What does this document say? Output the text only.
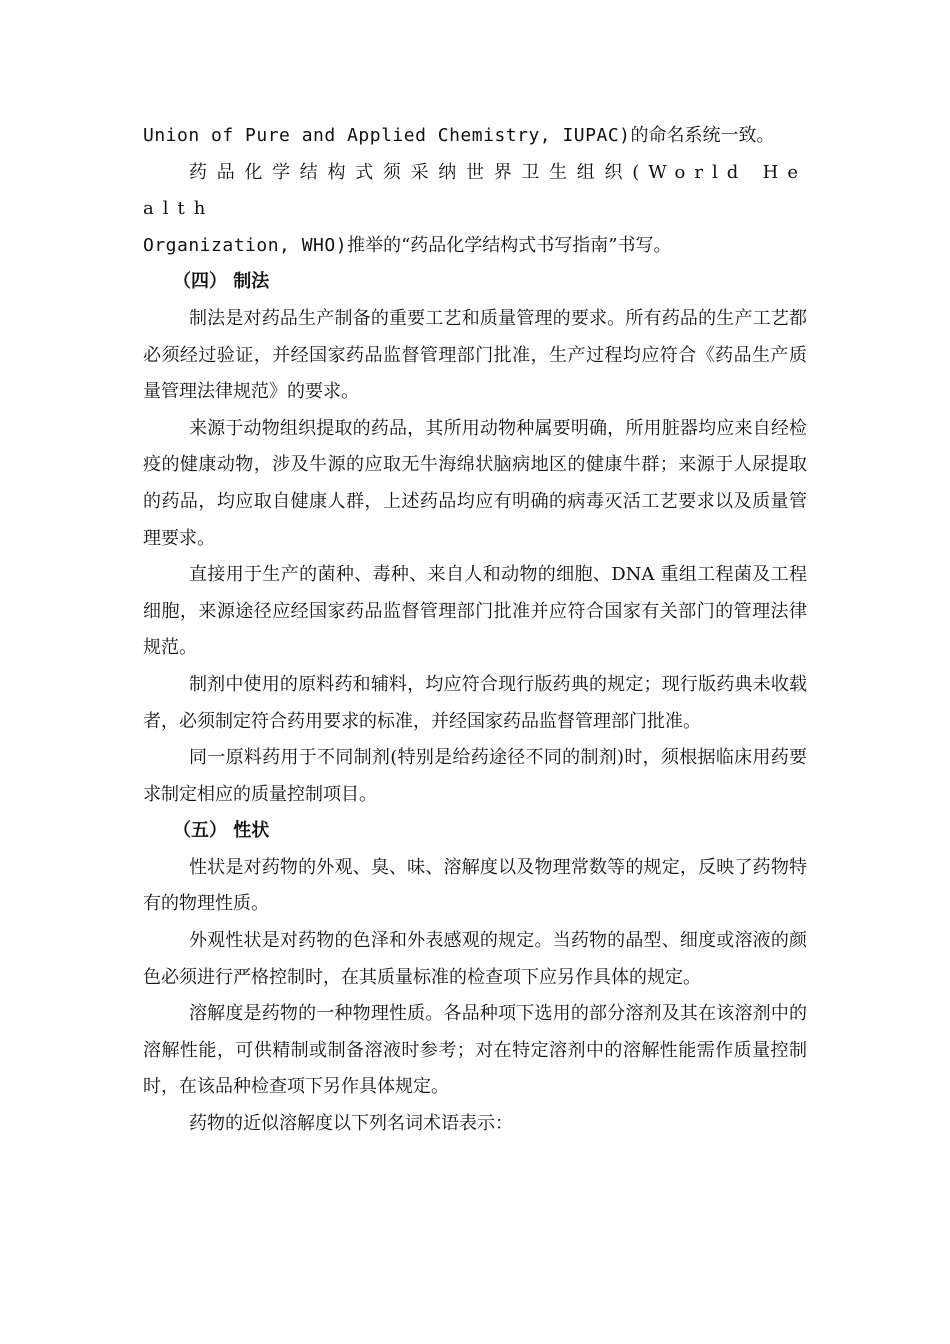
Union of Pure and Applied Chemistry, IUPAC)的命名系统一致。

药品化学结构式须采纳世界卫生组织(World Health
Organization, WHO)推举的“药品化学结构式书写指南”书写。

（四） 制法

制法是对药品生产制备的重要工艺和质量管理的要求。所有药品的生产工艺都必须经过验证，并经国家药品监督管理部门批准，生产过程均应符合《药品生产质量管理法律规范》的要求。

来源于动物组织提取的药品，其所用动物种属要明确，所用脏器均应来自经检疫的健康动物，涉及牛源的应取无牛海绵状脑病地区的健康牛群；来源于人尿提取的药品，均应取自健康人群，上述药品均应有明确的病毒灭活工艺要求以及质量管理要求。

直接用于生产的菌种、毒种、来自人和动物的细胞、DNA 重组工程菌及工程细胞，来源途径应经国家药品监督管理部门批准并应符合国家有关部门的管理法律规范。

制剂中使用的原料药和辅料，均应符合现行版药典的规定；现行版药典未收载者，必须制定符合药用要求的标准，并经国家药品监督管理部门批准。

同一原料药用于不同制剂(特别是给药途径不同的制剂)时，须根据临床用药要求制定相应的质量控制项目。

（五） 性状

性状是对药物的外观、臭、味、溶解度以及物理常数等的规定，反映了药物特有的物理性质。

外观性状是对药物的色泽和外表感观的规定。当药物的晶型、细度或溶液的颜色必须进行严格控制时，在其质量标准的检查项下应另作具体的规定。

溶解度是药物的一种物理性质。各品种项下选用的部分溶剂及其在该溶剂中的溶解性能，可供精制或制备溶液时参考；对在特定溶剂中的溶解性能需作质量控制时，在该品种检查项下另作具体规定。

药物的近似溶解度以下列名词术语表示：
